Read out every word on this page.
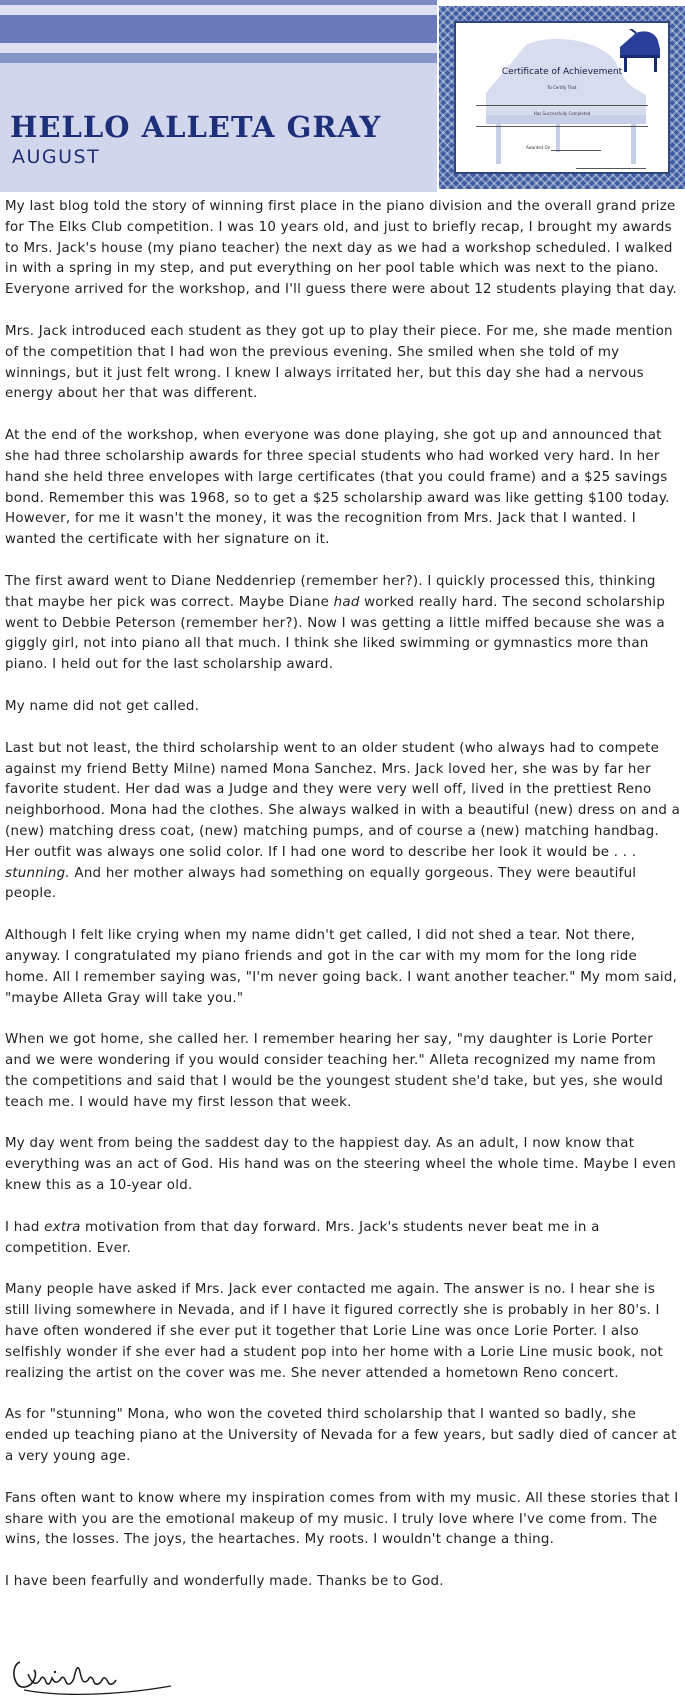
HELLO ALLETA GRAY
AUGUST
Certificate of Achievement
To Certify That
Has Successfully Completed
Awarded On

My last blog told the story of winning first place in the piano division and the overall grand prize for The Elks Club competition. I was 10 years old, and just to briefly recap, I brought my awards to Mrs. Jack's house (my piano teacher) the next day as we had a workshop scheduled. I walked in with a spring in my step, and put everything on her pool table which was next to the piano. Everyone arrived for the workshop, and I'll guess there were about 12 students playing that day.

Mrs. Jack introduced each student as they got up to play their piece. For me, she made mention of the competition that I had won the previous evening. She smiled when she told of my winnings, but it just felt wrong. I knew I always irritated her, but this day she had a nervous energy about her that was different.

At the end of the workshop, when everyone was done playing, she got up and announced that she had three scholarship awards for three special students who had worked very hard. In her hand she held three envelopes with large certificates (that you could frame) and a $25 savings bond. Remember this was 1968, so to get a $25 scholarship award was like getting $100 today. However, for me it wasn't the money, it was the recognition from Mrs. Jack that I wanted. I wanted the certificate with her signature on it.

The first award went to Diane Neddenriep (remember her?). I quickly processed this, thinking that maybe her pick was correct. Maybe Diane had worked really hard. The second scholarship went to Debbie Peterson (remember her?). Now I was getting a little miffed because she was a giggly girl, not into piano all that much. I think she liked swimming or gymnastics more than piano. I held out for the last scholarship award.

My name did not get called.

Last but not least, the third scholarship went to an older student (who always had to compete against my friend Betty Milne) named Mona Sanchez. Mrs. Jack loved her, she was by far her favorite student. Her dad was a Judge and they were very well off, lived in the prettiest Reno neighborhood. Mona had the clothes. She always walked in with a beautiful (new) dress on and a (new) matching dress coat, (new) matching pumps, and of course a (new) matching handbag. Her outfit was always one solid color. If I had one word to describe her look it would be . . . stunning. And her mother always had something on equally gorgeous. They were beautiful people.

Although I felt like crying when my name didn't get called, I did not shed a tear. Not there, anyway. I congratulated my piano friends and got in the car with my mom for the long ride home. All I remember saying was, "I'm never going back. I want another teacher." My mom said, "maybe Alleta Gray will take you."

When we got home, she called her. I remember hearing her say, "my daughter is Lorie Porter and we were wondering if you would consider teaching her." Alleta recognized my name from the competitions and said that I would be the youngest student she'd take, but yes, she would teach me. I would have my first lesson that week.

My day went from being the saddest day to the happiest day. As an adult, I now know that everything was an act of God. His hand was on the steering wheel the whole time. Maybe I even knew this as a 10-year old.

I had extra motivation from that day forward. Mrs. Jack's students never beat me in a competition. Ever.

Many people have asked if Mrs. Jack ever contacted me again. The answer is no. I hear she is still living somewhere in Nevada, and if I have it figured correctly she is probably in her 80's. I have often wondered if she ever put it together that Lorie Line was once Lorie Porter. I also selfishly wonder if she ever had a student pop into her home with a Lorie Line music book, not realizing the artist on the cover was me. She never attended a hometown Reno concert.

As for "stunning" Mona, who won the coveted third scholarship that I wanted so badly, she ended up teaching piano at the University of Nevada for a few years, but sadly died of cancer at a very young age.

Fans often want to know where my inspiration comes from with my music. All these stories that I share with you are the emotional makeup of my music. I truly love where I've come from. The wins, the losses. The joys, the heartaches. My roots. I wouldn't change a thing.

I have been fearfully and wonderfully made. Thanks be to God.
